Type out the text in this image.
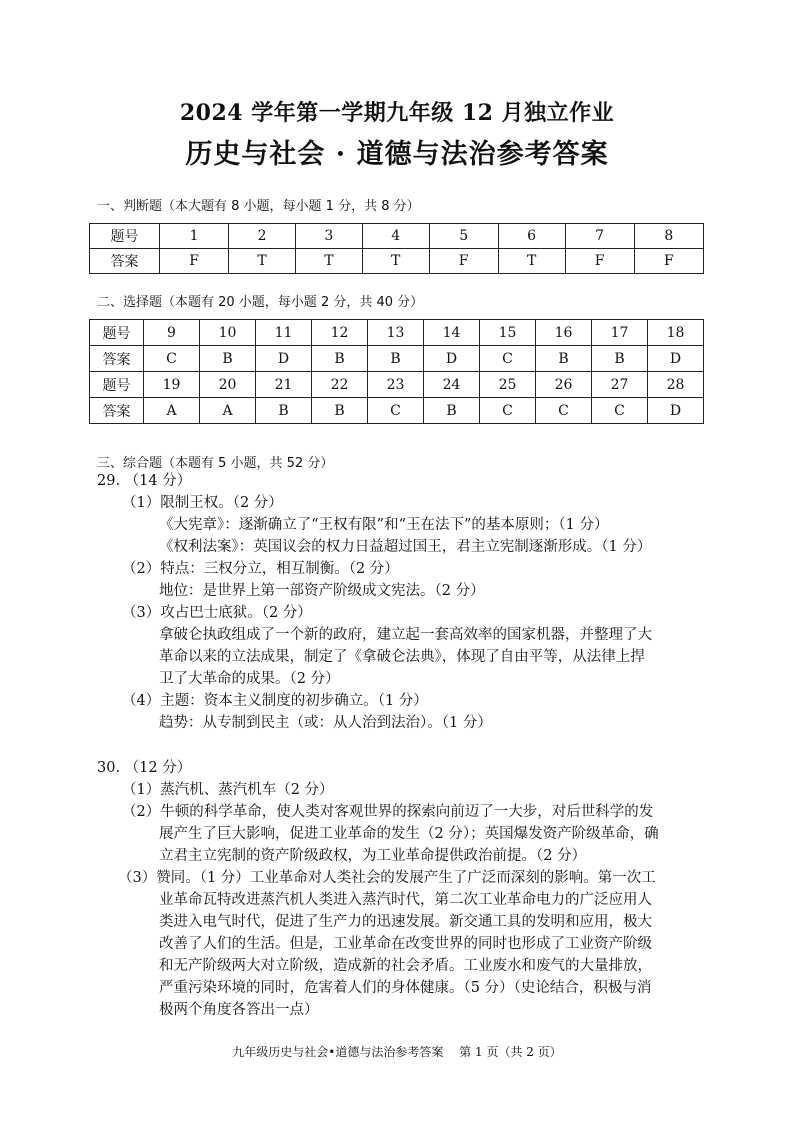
2024 学年第一学期九年级 12 月独立作业
历史与社会 · 道德与法治参考答案
一、判断题（本大题有 8 小题，每小题 1 分，共 8 分）
题号	1	2	3	4	5	6	7	8
答案	F	T	T	T	F	T	F	F
二、选择题（本题有 20 小题，每小题 2 分，共 40 分）
题号	9	10	11	12	13	14	15	16	17	18
答案	C	B	D	B	B	D	C	B	B	D
题号	19	20	21	22	23	24	25	26	27	28
答案	A	A	B	B	C	B	C	C	C	D
三、综合题（本题有 5 小题，共 52 分）
29. （14 分）
（1）限制王权。（2 分）
《大宪章》：逐渐确立了“王权有限”和“王在法下”的基本原则；（1 分）
《权利法案》：英国议会的权力日益超过国王，君主立宪制逐渐形成。（1 分）
（2）特点：三权分立，相互制衡。（2 分）
地位：是世界上第一部资产阶级成文宪法。（2 分）
（3）攻占巴士底狱。（2 分）
拿破仑执政组成了一个新的政府，建立起一套高效率的国家机器，并整理了大
革命以来的立法成果，制定了《拿破仑法典》，体现了自由平等，从法律上捍
卫了大革命的成果。（2 分）
（4）主题：资本主义制度的初步确立。（1 分）
趋势：从专制到民主（或：从人治到法治）。（1 分）
30. （12 分）
（1）蒸汽机、蒸汽机车（2 分）
（2）牛顿的科学革命，使人类对客观世界的探索向前迈了一大步，对后世科学的发
展产生了巨大影响，促进工业革命的发生（2 分）；英国爆发资产阶级革命，确
立君主立宪制的资产阶级政权，为工业革命提供政治前提。（2 分）
（3）赞同。（1 分）工业革命对人类社会的发展产生了广泛而深刻的影响。第一次工
业革命瓦特改进蒸汽机人类进入蒸汽时代，第二次工业革命电力的广泛应用人
类进入电气时代，促进了生产力的迅速发展。新交通工具的发明和应用，极大
改善了人们的生活。但是，工业革命在改变世界的同时也形成了工业资产阶级
和无产阶级两大对立阶级，造成新的社会矛盾。工业废水和废气的大量排放，
严重污染环境的同时，危害着人们的身体健康。（5 分）（史论结合，积极与消
极两个角度各答出一点）
九年级历史与社会•道德与法治参考答案　 第 1 页（共 2 页）
